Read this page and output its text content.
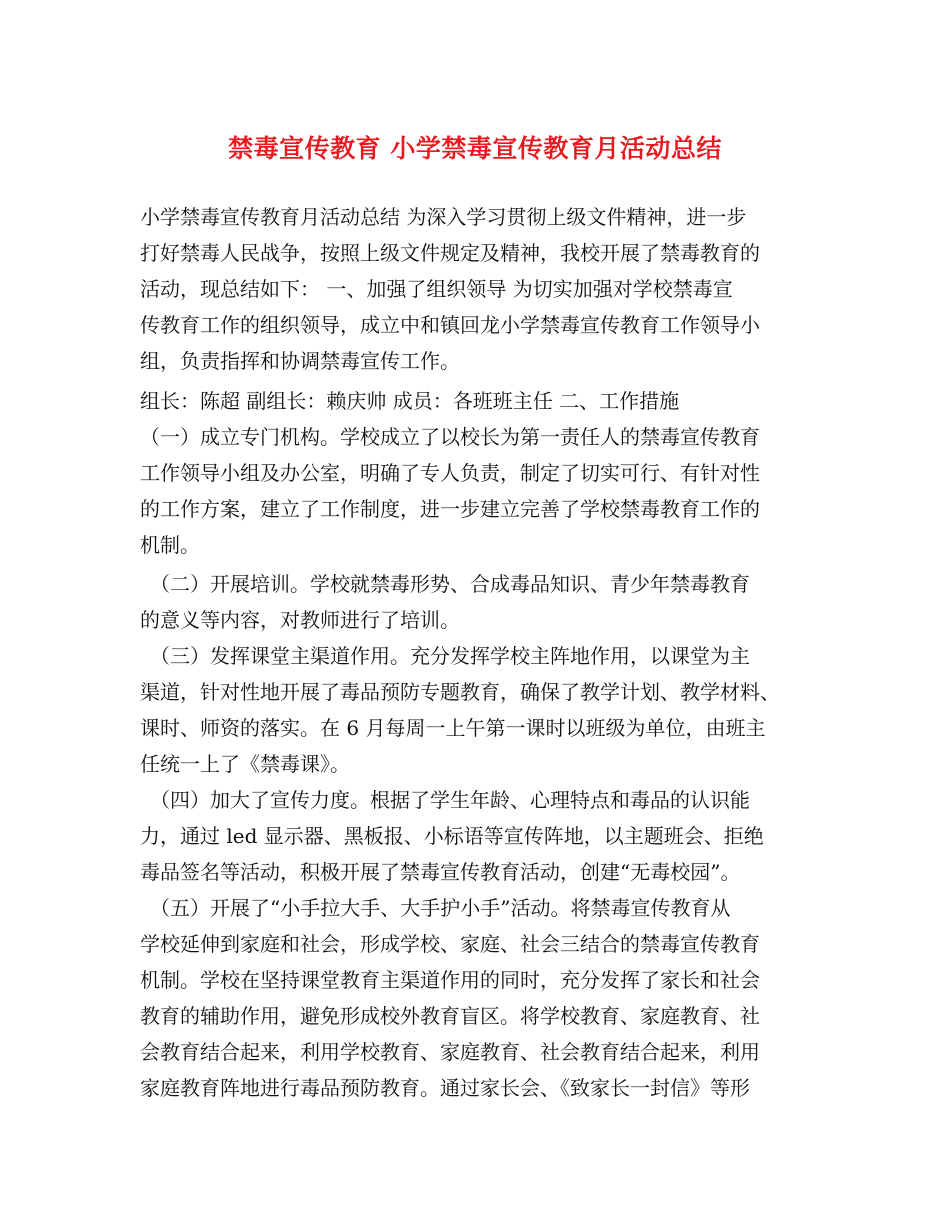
禁毒宣传教育 小学禁毒宣传教育月活动总结
小学禁毒宣传教育月活动总结 为深入学习贯彻上级文件精神，进一步
打好禁毒人民战争，按照上级文件规定及精神，我校开展了禁毒教育的
活动，现总结如下： 一、加强了组织领导 为切实加强对学校禁毒宣
传教育工作的组织领导，成立中和镇回龙小学禁毒宣传教育工作领导小
组，负责指挥和协调禁毒宣传工作。
组长：陈超 副组长：赖庆帅 成员：各班班主任 二、工作措施
（一）成立专门机构。学校成立了以校长为第一责任人的禁毒宣传教育
工作领导小组及办公室，明确了专人负责，制定了切实可行、有针对性
的工作方案，建立了工作制度，进一步建立完善了学校禁毒教育工作的
机制。
（二）开展培训。学校就禁毒形势、合成毒品知识、青少年禁毒教育
的意义等内容，对教师进行了培训。
（三）发挥课堂主渠道作用。充分发挥学校主阵地作用，以课堂为主
渠道，针对性地开展了毒品预防专题教育，确保了教学计划、教学材料、
课时、师资的落实。在 6 月每周一上午第一课时以班级为单位，由班主
任统一上了《禁毒课》。
（四）加大了宣传力度。根据了学生年龄、心理特点和毒品的认识能
力，通过 led 显示器、黑板报、小标语等宣传阵地，以主题班会、拒绝
毒品签名等活动，积极开展了禁毒宣传教育活动，创建“无毒校园”。
（五）开展了“小手拉大手、大手护小手”活动。将禁毒宣传教育从
学校延伸到家庭和社会，形成学校、家庭、社会三结合的禁毒宣传教育
机制。学校在坚持课堂教育主渠道作用的同时，充分发挥了家长和社会
教育的辅助作用，避免形成校外教育盲区。将学校教育、家庭教育、社
会教育结合起来，利用学校教育、家庭教育、社会教育结合起来，利用
家庭教育阵地进行毒品预防教育。通过家长会、《致家长一封信》等形
